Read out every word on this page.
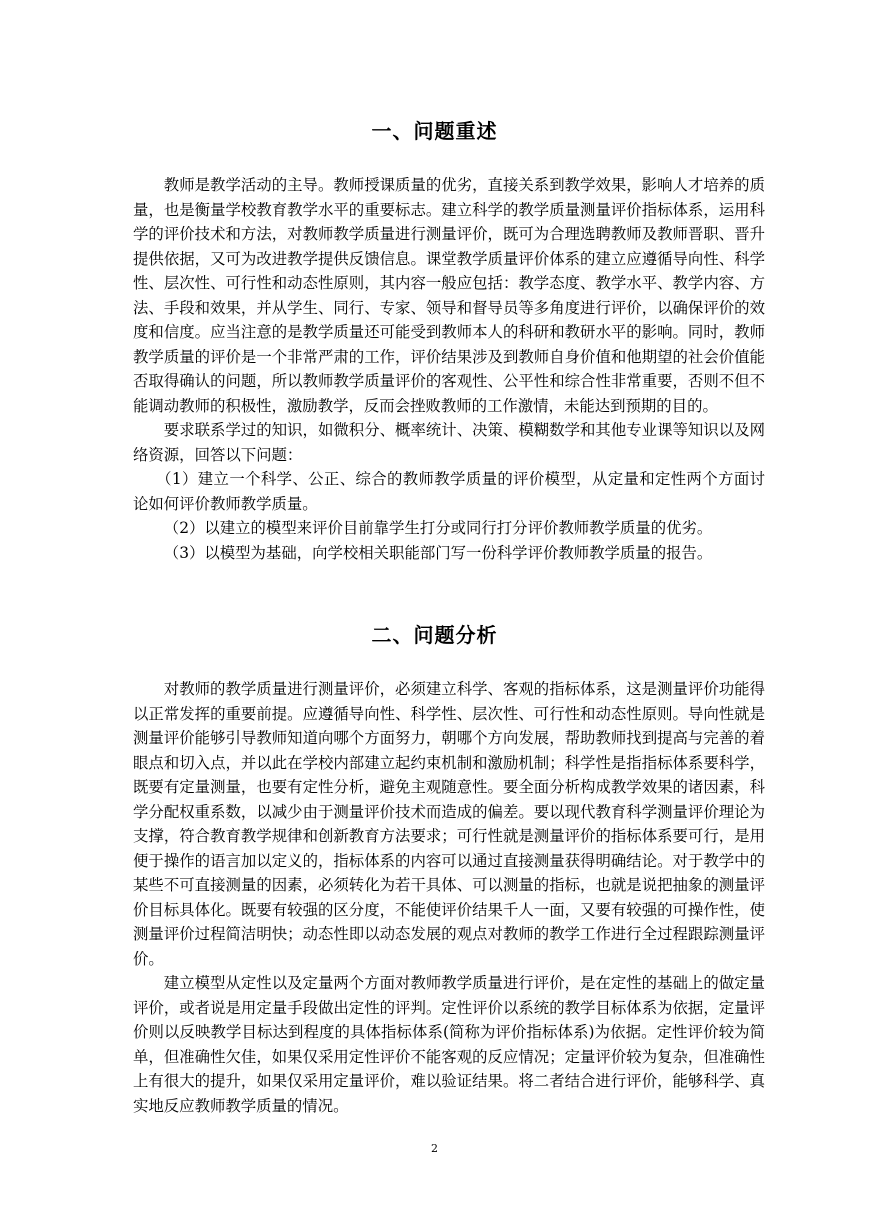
一、问题重述

教师是教学活动的主导。教师授课质量的优劣，直接关系到教学效果，影响人才培养的质量，也是衡量学校教育教学水平的重要标志。建立科学的教学质量测量评价指标体系，运用科学的评价技术和方法，对教师教学质量进行测量评价，既可为合理选聘教师及教师晋职、晋升提供依据，又可为改进教学提供反馈信息。课堂教学质量评价体系的建立应遵循导向性、科学性、层次性、可行性和动态性原则，其内容一般应包括：教学态度、教学水平、教学内容、方法、手段和效果，并从学生、同行、专家、领导和督导员等多角度进行评价，以确保评价的效度和信度。应当注意的是教学质量还可能受到教师本人的科研和教研水平的影响。同时，教师教学质量的评价是一个非常严肃的工作，评价结果涉及到教师自身价值和他期望的社会价值能否取得确认的问题，所以教师教学质量评价的客观性、公平性和综合性非常重要，否则不但不能调动教师的积极性，激励教学，反而会挫败教师的工作激情，未能达到预期的目的。

要求联系学过的知识，如微积分、概率统计、决策、模糊数学和其他专业课等知识以及网络资源，回答以下问题：

（1）建立一个科学、公正、综合的教师教学质量的评价模型，从定量和定性两个方面讨论如何评价教师教学质量。

（2）以建立的模型来评价目前靠学生打分或同行打分评价教师教学质量的优劣。

（3）以模型为基础，向学校相关职能部门写一份科学评价教师教学质量的报告。

二、问题分析

对教师的教学质量进行测量评价，必须建立科学、客观的指标体系，这是测量评价功能得以正常发挥的重要前提。应遵循导向性、科学性、层次性、可行性和动态性原则。导向性就是测量评价能够引导教师知道向哪个方面努力，朝哪个方向发展，帮助教师找到提高与完善的着眼点和切入点，并以此在学校内部建立起约束机制和激励机制；科学性是指指标体系要科学，既要有定量测量，也要有定性分析，避免主观随意性。要全面分析构成教学效果的诸因素，科学分配权重系数，以减少由于测量评价技术而造成的偏差。要以现代教育科学测量评价理论为支撑，符合教育教学规律和创新教育方法要求；可行性就是测量评价的指标体系要可行，是用便于操作的语言加以定义的，指标体系的内容可以通过直接测量获得明确结论。对于教学中的某些不可直接测量的因素，必须转化为若干具体、可以测量的指标，也就是说把抽象的测量评价目标具体化。既要有较强的区分度，不能使评价结果千人一面，又要有较强的可操作性，使测量评价过程简洁明快；动态性即以动态发展的观点对教师的教学工作进行全过程跟踪测量评价。

建立模型从定性以及定量两个方面对教师教学质量进行评价，是在定性的基础上的做定量评价，或者说是用定量手段做出定性的评判。定性评价以系统的教学目标体系为依据，定量评价则以反映教学目标达到程度的具体指标体系(简称为评价指标体系)为依据。定性评价较为简单，但准确性欠佳，如果仅采用定性评价不能客观的反应情况；定量评价较为复杂，但准确性上有很大的提升，如果仅采用定量评价，难以验证结果。将二者结合进行评价，能够科学、真实地反应教师教学质量的情况。

2
